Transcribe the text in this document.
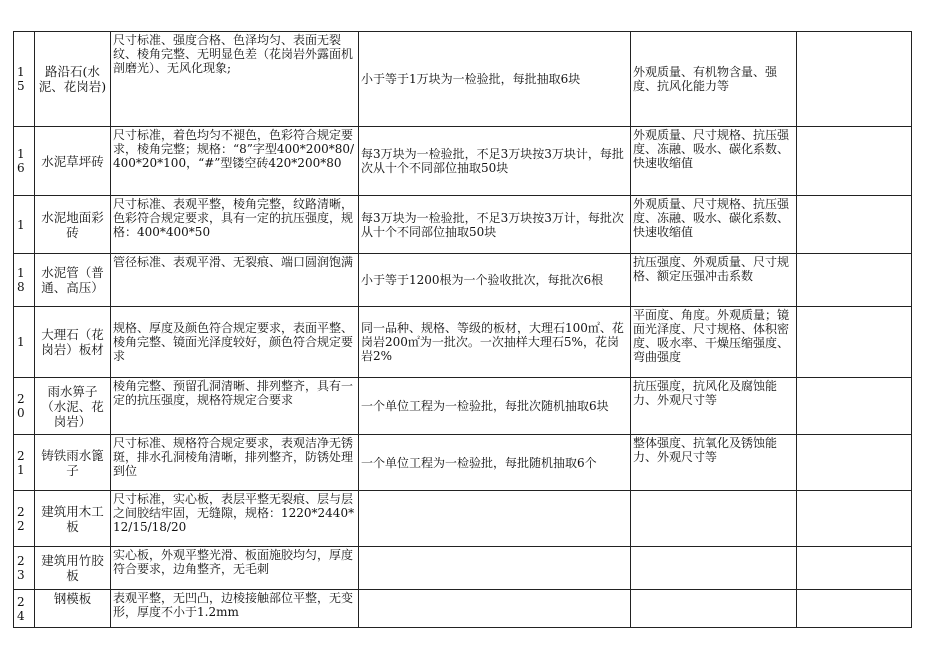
15	路沿石(水泥、花岗岩)	尺寸标准、强度合格、色泽均匀、表面无裂纹、棱角完整、无明显色差（花岗岩外露面机剖磨光）、无风化现象;	小于等于1万块为一检验批，每批抽取6块	外观质量、有机物含量、强度、抗风化能力等	
16	水泥草坪砖	尺寸标准，着色均匀不褪色，色彩符合规定要求，棱角完整；规格：“8”字型400*200*80/400*20*100，“#”型镂空砖420*200*80	每3万块为一检验批，不足3万块按3万块计，每批次从十个不同部位抽取50块	外观质量、尺寸规格、抗压强度、冻融、吸水、碳化系数、快速收缩值	
1	水泥地面彩砖	尺寸标准、表观平整，棱角完整，纹路清晰，色彩符合规定要求，具有一定的抗压强度，规格：400*400*50	每3万块为一检验批，不足3万块按3万计，每批次从十个不同部位抽取50块	外观质量、尺寸规格、抗压强度、冻融、吸水、碳化系数、快速收缩值	
18	水泥管（普通、高压）	管径标准、表观平滑、无裂痕、端口圆润饱满	小于等于1200根为一个验收批次，每批次6根	抗压强度、外观质量、尺寸规格、额定压强冲击系数	
1	大理石（花岗岩）板材	规格、厚度及颜色符合规定要求，表面平整、棱角完整、镜面光泽度较好，颜色符合规定要求	同一品种、规格、等级的板材，大理石100㎡、花岗岩200㎡为一批次。一次抽样大理石5%，花岗岩2%	平面度、角度。外观质量；镜面光泽度、尺寸规格、体积密度、吸水率、干燥压缩强度、弯曲强度	
20	雨水箅子（水泥、花岗岩）	棱角完整、预留孔洞清晰、排列整齐，具有一定的抗压强度，规格符规定合要求	一个单位工程为一检验批，每批次随机抽取6块	抗压强度，抗风化及腐蚀能力、外观尺寸等	
21	铸铁雨水篦子	尺寸标准、规格符合规定要求，表观洁净无锈斑，排水孔洞棱角清晰，排列整齐，防锈处理到位	一个单位工程为一检验批，每批随机抽取6个	整体强度、抗氧化及锈蚀能力、外观尺寸等	
22	建筑用木工板	尺寸标准，实心板，表层平整无裂痕、层与层之间胶结牢固，无缝隙，规格：1220*2440*12/15/18/20			
23	建筑用竹胶板	实心板，外观平整光滑、板面施胶均匀，厚度符合要求，边角整齐，无毛刺			
24	钢模板	表观平整，无凹凸，边棱接触部位平整，无变形，厚度不小于1.2mm			
